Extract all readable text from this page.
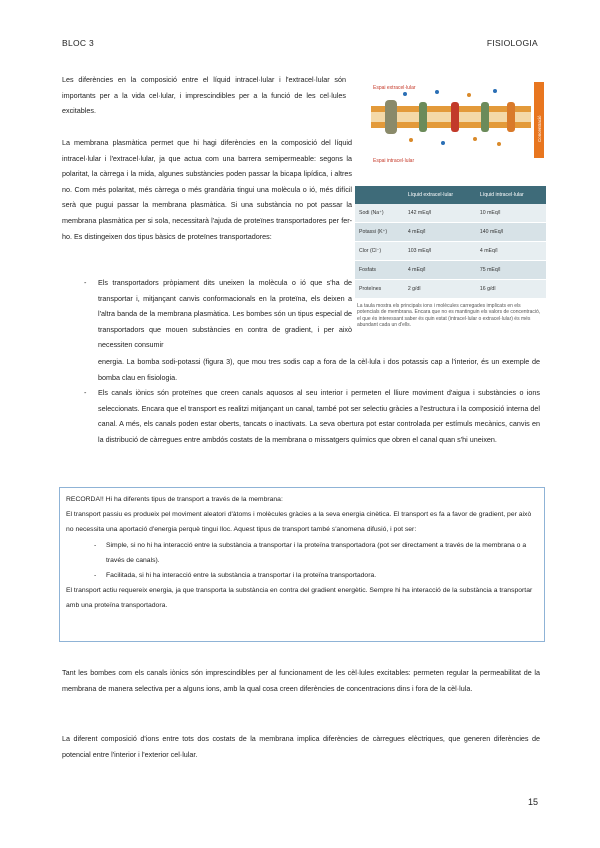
BLOC 3	FISIOLOGIA
Les diferències en la composició entre el líquid intracel·lular i l'extracel·lular són importants per a la vida cel·lular, i imprescindibles per a la funció de les cel·lules excitables.
La membrana plasmàtica permet que hi hagi diferències en la composició del líquid intracel·lular i l'extracel·lular, ja que actua com una barrera semipermeable: segons la polaritat, la càrrega i la mida, algunes substàncies poden passar la bicapa lipídica, i altres no. Com més polaritat, més càrrega o més grandària tingui una molècula o ió, més difícil serà que pugui passar la membrana plasmàtica. Si una substància no pot passar la membrana plasmàtica per si sola, necessitarà l'ajuda de proteïnes transportadores per fer-ho. Es distingeixen dos tipus bàsics de proteïnes transportadores:
- Els transportadors pròpiament dits uneixen la molècula o ió que s'ha de transportar i, mitjançant canvis conformacionals en la proteïna, els deixen a l'altra banda de la membrana plasmàtica. Les bombes són un tipus especial de transportadors que mouen substàncies en contra de gradient, i per això necessiten consumir
energia. La bomba sodi-potassi (figura 3), que mou tres sodis cap a fora de la cèl·lula i dos potassis cap a l'interior, és un exemple de bomba clau en fisiologia.
- Els canals iònics són proteïnes que creen canals aquosos al seu interior i permeten el lliure moviment d'aigua i substàncies o ions seleccionats. Encara que el transport es realitzi mitjançant un canal, també pot ser selectiu gràcies a l'estructura i la composició interna del canal. A més, els canals poden estar oberts, tancats o inactivats. La seva obertura pot estar controlada per estímuls mecànics, canvis en la distribució de càrregues entre ambdós costats de la membrana o missatgers químics que obren el canal quan s'hi uneixen.
Espai extracel·lular
Concentració
Espai intracel·lular
	Líquid extracel·lular	Líquid intracel·lular
Sodi (Na⁺)	142 mEq/l	10 mEq/l
Potassi (K⁺)	4 mEq/l	140 mEq/l
Clor (Cl⁻)	103 mEq/l	4 mEq/l
Fosfats	4 mEq/l	75 mEq/l
Proteïnes	2 g/dl	16 g/dl
La taula mostra els principals ions i molècules carregades implicats en els potencials de membrana. Encara que no es mantinguin els valors de concentració, el que és interessant saber és quin estat (intracel·lular o extracel·lular) és més abundant cada un d'ells.
RECORDA!! Hi ha diferents tipus de transport a través de la membrana:
El transport passiu es produeix pel moviment aleatori d'àtoms i molècules gràcies a la seva energia cinètica. El transport es fa a favor de gradient, per això no necessita una aportació d'energia perquè tingui lloc. Aquest tipus de transport també s'anomena difusió, i pot ser:
- Simple, si no hi ha interacció entre la substància a transportar i la proteïna transportadora (pot ser directament a través de la membrana o a través de canals).
- Facilitada, si hi ha interacció entre la substància a transportar i la proteïna transportadora.
El transport actiu requereix energia, ja que transporta la substància en contra del gradient energètic. Sempre hi ha interacció de la substància a transportar amb una proteïna transportadora.
Tant les bombes com els canals iònics són imprescindibles per al funcionament de les cèl·lules excitables: permeten regular la permeabilitat de la membrana de manera selectiva per a alguns ions, amb la qual cosa creen diferències de concentracions dins i fora de la cèl·lula.
La diferent composició d'ions entre tots dos costats de la membrana implica diferències de càrregues elèctriques, que generen diferències de potencial entre l'interior i l'exterior cel·lular.
15
